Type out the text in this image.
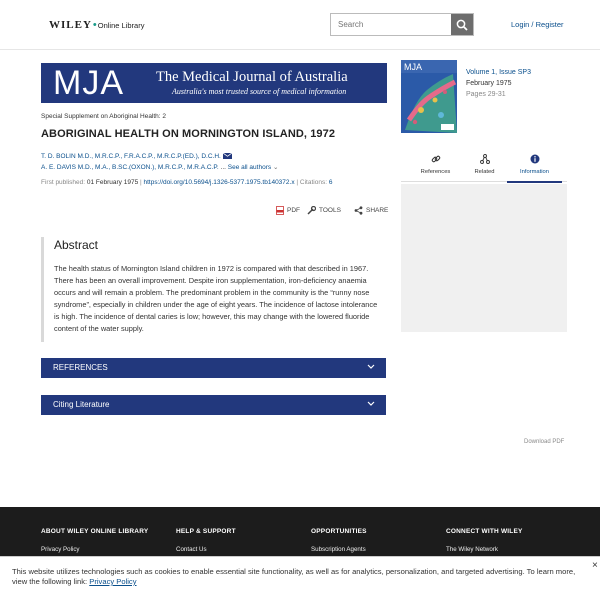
WILEY • Online Library
Search	Login / Register
MJA The Medical Journal of Australia
Australia's most trusted source of medical information
Special Supplement on Aboriginal Health: 2
ABORIGINAL HEALTH ON MORNINGTON ISLAND, 1972
T. D. BOLIN M.D., M.R.C.P., F.R.A.C.P., M.R.C.P.(ED.), D.C.H.
A. E. DAVIS M.D., M.A., B.SC.(OXON.), M.R.C.P., M.R.A.C.P. ... See all authors ⌄
First published: 01 February 1975 | https://doi.org/10.5694/j.1326-5377.1975.tb140372.x | Citations: 6
PDF	TOOLS	SHARE
Abstract
The health status of Mornington Island children in 1972 is compared with that described in 1967. There has been an overall improvement. Despite iron supplementation, iron-deficiency anaemia occurs and will remain a problem. The predominant problem in the community is the “runny nose syndrome”, especially in children under the age of eight years. The incidence of lactose intolerance is high. The incidence of dental caries is low; however, this may change with the lowered fluoride content of the water supply.
REFERENCES
Citing Literature
MJA
Volume 1, Issue SP3
February 1975
Pages 29-31
References	Related	Information
Download PDF
ABOUT WILEY ONLINE LIBRARY
Privacy Policy
HELP & SUPPORT
Contact Us
OPPORTUNITIES
Subscription Agents
CONNECT WITH WILEY
The Wiley Network
This website utilizes technologies such as cookies to enable essential site functionality, as well as for analytics, personalization, and targeted advertising. To learn more, view the following link: Privacy Policy
×
